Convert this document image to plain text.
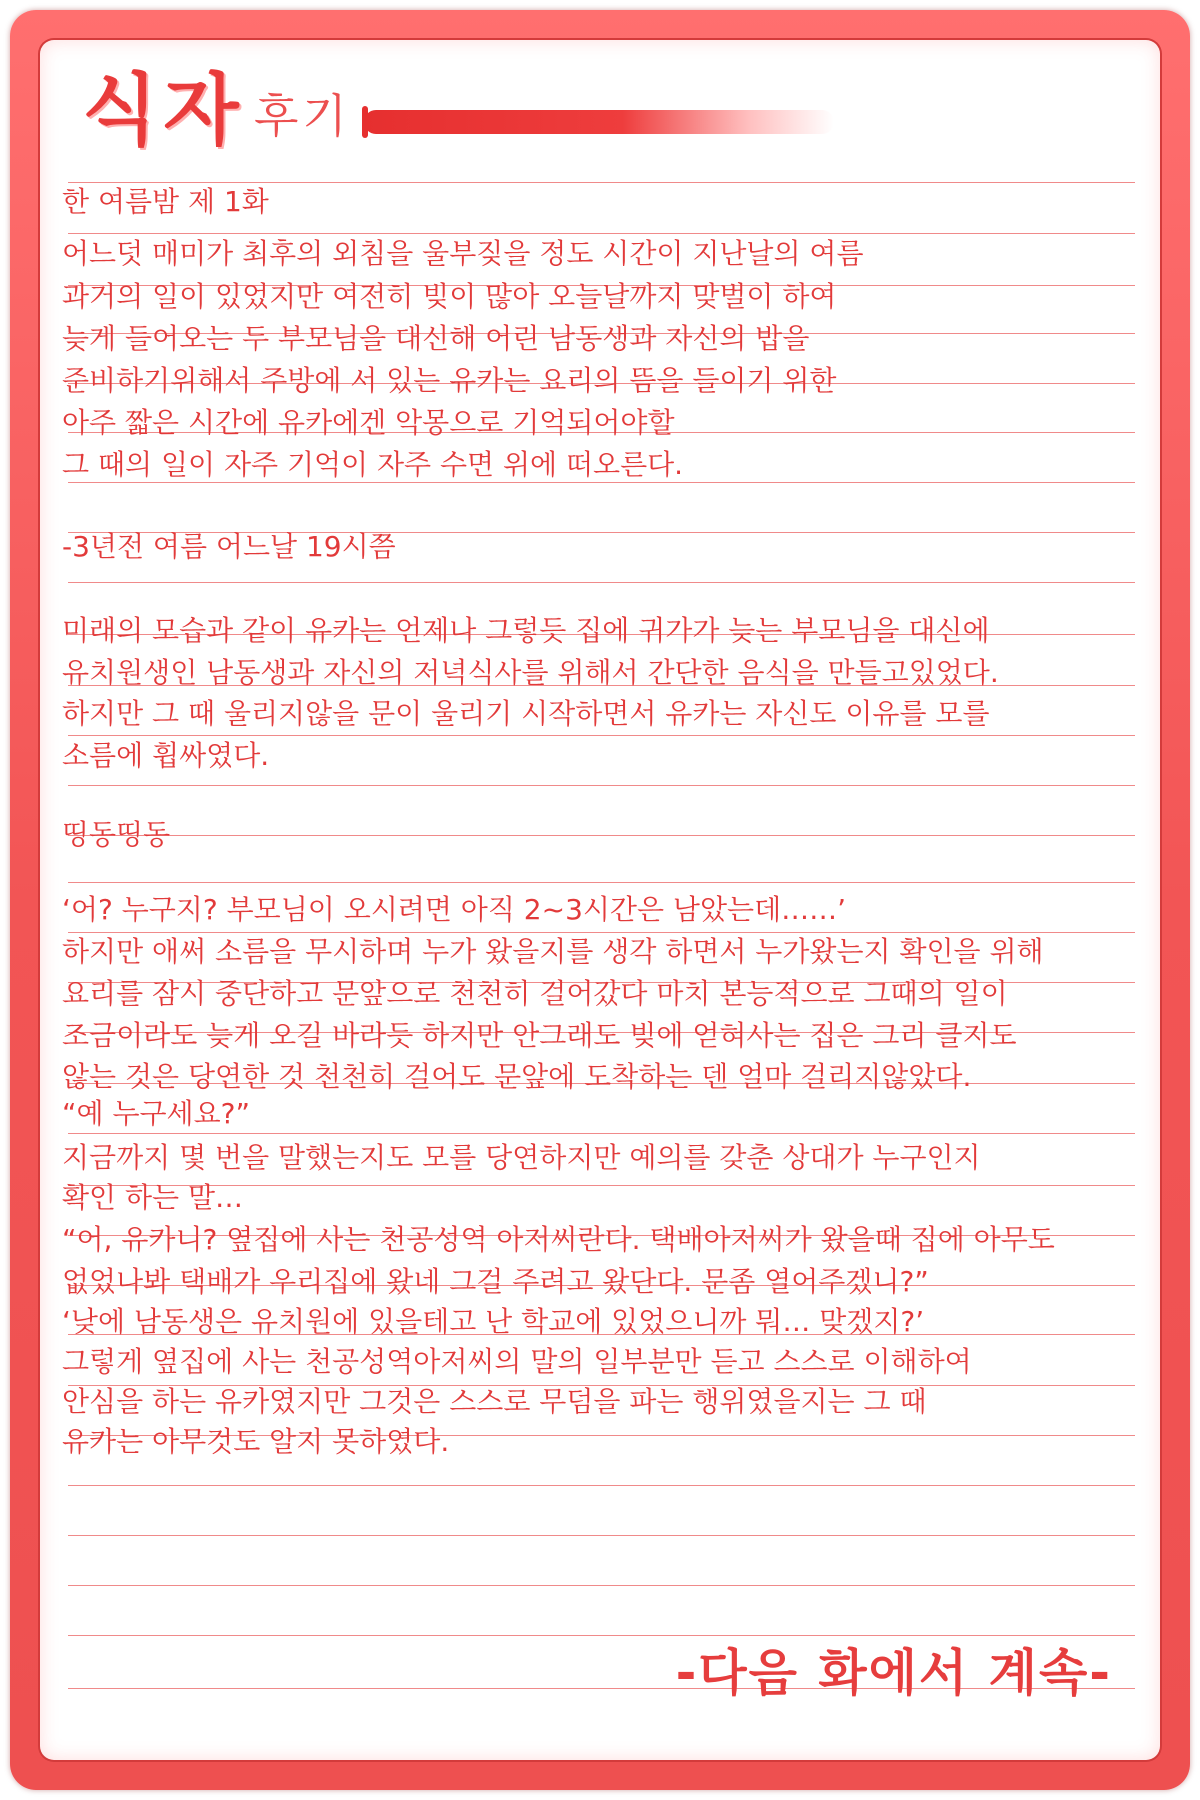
식자 후기
한 여름밤 제 1화
어느덧 매미가 최후의 외침을 울부짖을 정도 시간이 지난날의 여름
과거의 일이 있었지만 여전히 빚이 많아 오늘날까지 맞벌이 하여
늦게 들어오는 두 부모님을 대신해 어린 남동생과 자신의 밥을
준비하기위해서 주방에 서 있는 유카는 요리의 뜸을 들이기 위한
아주 짧은 시간에 유카에겐 악몽으로 기억되어야할
그 때의 일이 자주 기억이 자주 수면 위에 떠오른다.
-3년전 여름 어느날 19시쯤
미래의 모습과 같이 유카는 언제나 그렇듯 집에 귀가가 늦는 부모님을 대신에
유치원생인 남동생과 자신의 저녁식사를 위해서 간단한 음식을 만들고있었다.
하지만 그 때 울리지않을 문이 울리기 시작하면서 유카는 자신도 이유를 모를
소름에 휩싸였다.
띵동띵동
‘어? 누구지? 부모님이 오시려면 아직 2~3시간은 남았는데……’
하지만 애써 소름을 무시하며 누가 왔을지를 생각 하면서 누가왔는지 확인을 위해
요리를 잠시 중단하고 문앞으로 천천히 걸어갔다 마치 본능적으로 그때의 일이
조금이라도 늦게 오길 바라듯 하지만 안그래도 빚에 얻혀사는 집은 그리 클지도
않는 것은 당연한 것 천천히 걸어도 문앞에 도착하는 덴 얼마 걸리지않았다.
“예 누구세요?”
지금까지 몇 번을 말했는지도 모를 당연하지만 예의를 갖춘 상대가 누구인지
확인 하는 말…
“어, 유카니? 옆집에 사는 천공성역 아저씨란다. 택배아저씨가 왔을때 집에 아무도
없었나봐 택배가 우리집에 왔네 그걸 주려고 왔단다. 문좀 열어주겠니?”
‘낮에 남동생은 유치원에 있을테고 난 학교에 있었으니까 뭐… 맞겠지?’
그렇게 옆집에 사는 천공성역아저씨의 말의 일부분만 듣고 스스로 이해하여
안심을 하는 유카였지만 그것은 스스로 무덤을 파는 행위였을지는 그 때
유카는 아무것도 알지 못하였다.
-다음 화에서 계속-
